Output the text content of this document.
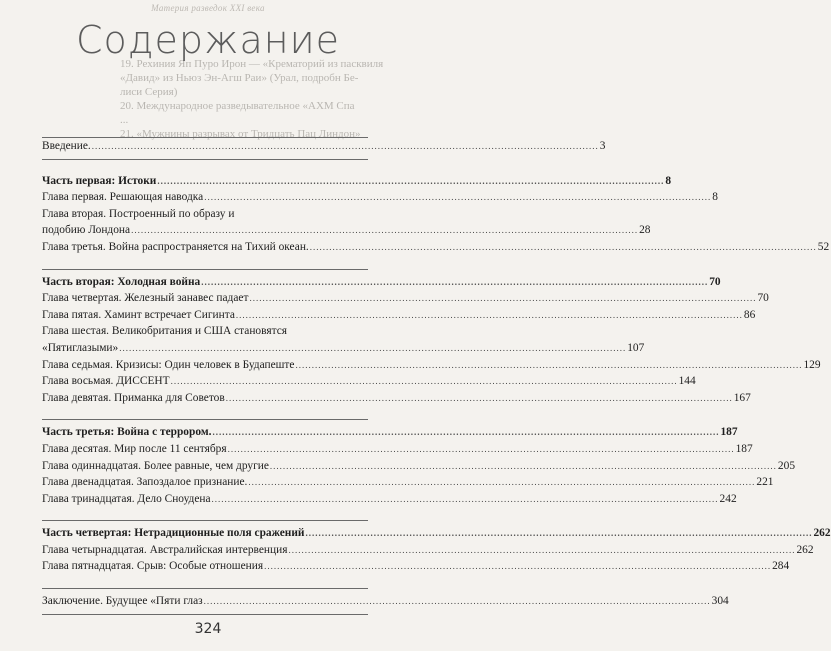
Материя разведок XXI века
19. Рехиния Яп Пуро Ирон — «Крематорий из пасквиля
«Давид» из Ньюз Эн-Агш Раи» (Урал, подробн Бе-
лиси Серия)
20. Международное разведывательное «АХМ Спа
...
21. «Мужнины разрывах от Тридцать Пац Линдон»
Содержание
Введение. .....	3
Часть первая: Истоки .....	8
Глава первая. Решающая наводка .....	8
Глава вторая. Построенный по образу и
подобию Лондона .....	28
Глава третья. Война распространяется на Тихий океан. .....	52
Часть вторая: Холодная война .....	70
Глава четвертая. Железный занавес падает .....	70
Глава пятая. Хаминт встречает Сигинта .....	86
Глава шестая. Великобритания и США становятся
«Пятиглазыми» .....	107
Глава седьмая. Кризисы: Один человек в Будапеште .....	129
Глава восьмая. ДИССЕНТ .....	144
Глава девятая. Приманка для Советов .....	167
Часть третья: Война с террором. .....	187
Глава десятая. Мир после 11 сентября .....	187
Глава одиннадцатая. Более равные, чем другие .....	205
Глава двенадцатая. Запоздалое признание. .....	221
Глава тринадцатая. Дело Сноудена .....	242
Часть четвертая: Нетрадиционные поля сражений .....	262
Глава четырнадцатая. Австралийская интервенция .....	262
Глава пятнадцатая. Срыв: Особые отношения .....	284
Заключение. Будущее «Пяти глаз .....	304
324
